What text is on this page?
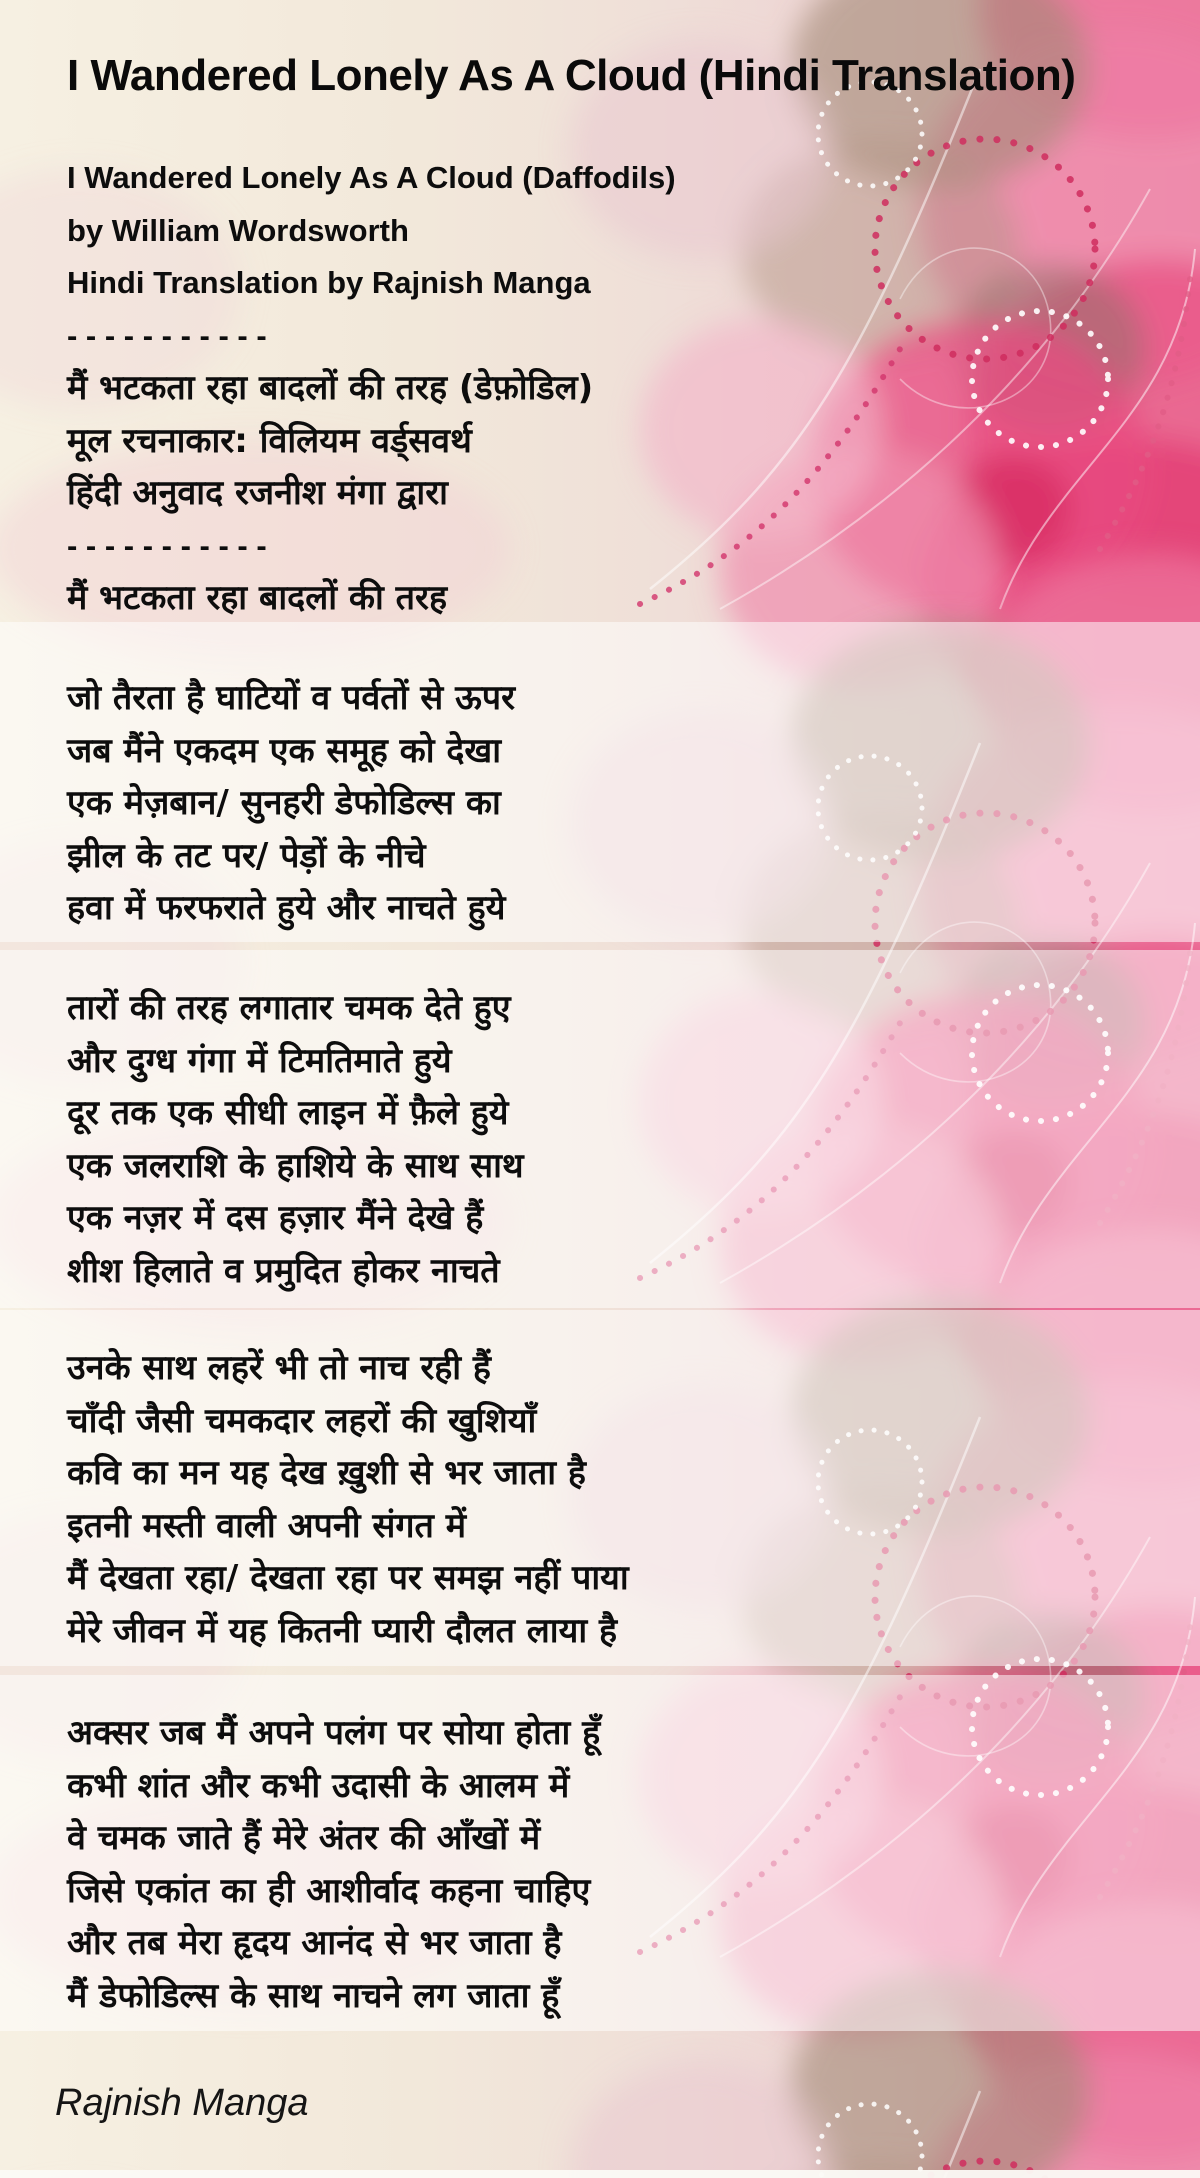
I Wandered Lonely As A Cloud (Hindi Translation)
I Wandered Lonely As A Cloud (Daffodils)
by William Wordsworth
Hindi Translation by Rajnish Manga
- - - - - - - - - - -
मैं भटकता रहा बादलों की तरह (डेफ़ोडिल)
मूल रचनाकार: विलियम वर्ड्सवर्थ
हिंदी अनुवाद रजनीश मंगा द्वारा
- - - - - - - - - - -
मैं भटकता रहा बादलों की तरह
जो तैरता है घाटियों व पर्वतों से ऊपर
जब मैंने एकदम एक समूह को देखा
एक मेज़बान/ सुनहरी डेफोडिल्स का
झील के तट पर/ पेड़ों के नीचे
हवा में फरफराते हुये और नाचते हुये
तारों की तरह लगातार चमक देते हुए
और दुग्ध गंगा में टिमतिमाते हुये
दूर तक एक सीधी लाइन में फ़ैले हुये
एक जलराशि के हाशिये के साथ साथ
एक नज़र में दस हज़ार मैंने देखे हैं
शीश हिलाते व प्रमुदित होकर नाचते
उनके साथ लहरें भी तो नाच रही हैं
चाँदी जैसी चमकदार लहरों की खुशियाँ
कवि का मन यह देख ख़ुशी से भर जाता है
इतनी मस्ती वाली अपनी संगत में
मैं देखता रहा/ देखता रहा पर समझ नहीं पाया
मेरे जीवन में यह कितनी प्यारी दौलत लाया है
अक्सर जब मैं अपने पलंग पर सोया होता हूँ
कभी शांत और कभी उदासी के आलम में
वे चमक जाते हैं मेरे अंतर की आँखों में
जिसे एकांत का ही आशीर्वाद कहना चाहिए
और तब मेरा हृदय आनंद से भर जाता है
मैं डेफोडिल्स के साथ नाचने लग जाता हूँ
Rajnish Manga
